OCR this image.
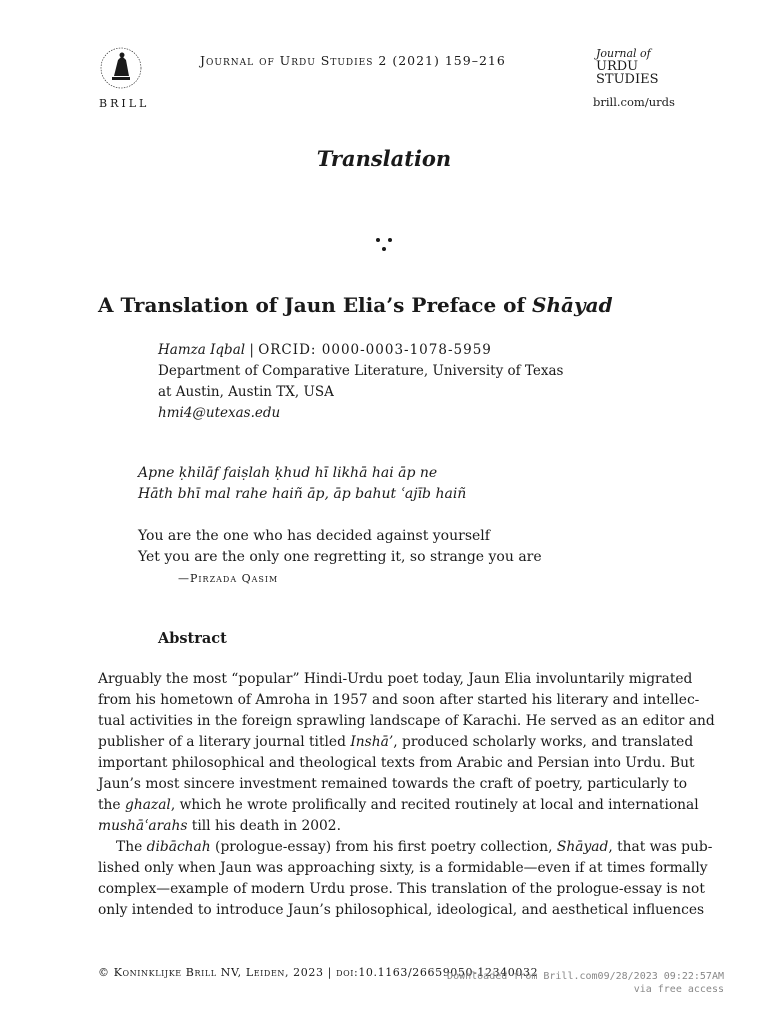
BRILL
Journal of Urdu Studies 2 (2021) 159–216	Journal of
URDU
STUDIES
brill.com/urds
Translation
A Translation of Jaun Elia’s Preface of Shāyad
Hamza Iqbal | ORCID: 0000-0003-1078-5959
Department of Comparative Literature, University of Texas
at Austin, Austin TX, USA
hmi4@utexas.edu
Apne ḳhilāf faiṣlah ḳhud hī likhā hai āp ne
Hāth bhī mal rahe haiñ āp, āp bahut ʿajīb haiñ
You are the one who has decided against yourself
Yet you are the only one regretting it, so strange you are
—Pirzada Qasim
Abstract

Arguably the most “popular” Hindi-Urdu poet today, Jaun Elia involuntarily migrated
from his hometown of Amroha in 1957 and soon after started his literary and intellec-
tual activities in the foreign sprawling landscape of Karachi. He served as an editor and
publisher of a literary journal titled Inshā’, produced scholarly works, and translated
important philosophical and theological texts from Arabic and Persian into Urdu. But
Jaun’s most sincere investment remained towards the craft of poetry, particularly to
the ghazal, which he wrote prolifically and recited routinely at local and international
mushāʿarahs till his death in 2002.

The dibāchah (prologue-essay) from his first poetry collection, Shāyad, that was pub-
lished only when Jaun was approaching sixty, is a formidable—even if at times formally
complex—example of modern Urdu prose. This translation of the prologue-essay is not
only intended to introduce Jaun’s philosophical, ideological, and aesthetical influences

© Koninklijke Brill NV, Leiden, 2023 | doi:10.1163/26659050-12340032
Downloaded from Brill.com09/28/2023 09:22:57AM
via free access
